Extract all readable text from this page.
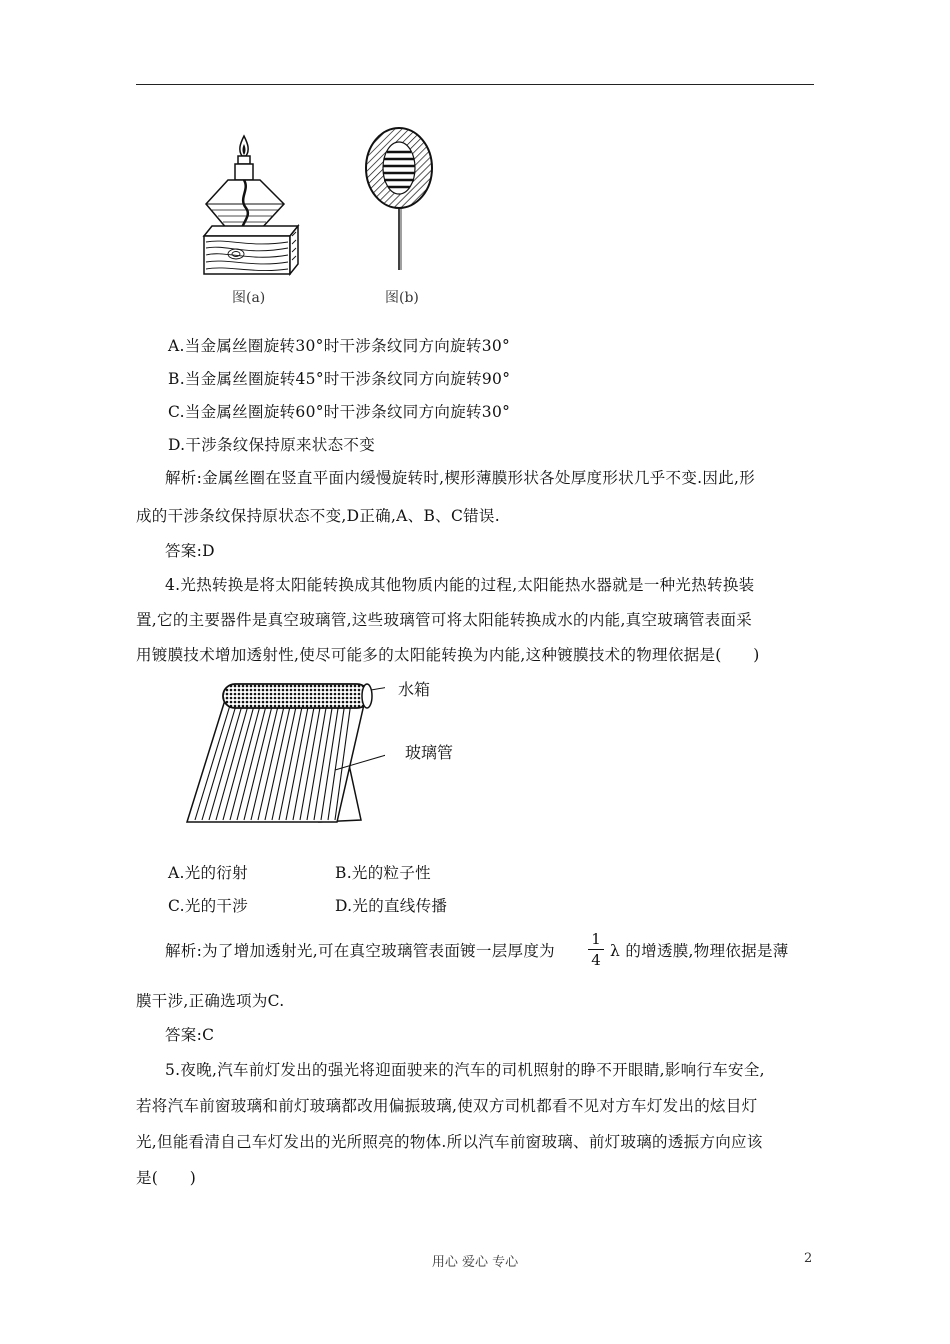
图(a)	图(b)
A.当金属丝圈旋转30°时干涉条纹同方向旋转30°
B.当金属丝圈旋转45°时干涉条纹同方向旋转90°
C.当金属丝圈旋转60°时干涉条纹同方向旋转30°
D.干涉条纹保持原来状态不变
解析:金属丝圈在竖直平面内缓慢旋转时,楔形薄膜形状各处厚度形状几乎不变.因此,形
成的干涉条纹保持原状态不变,D正确,A、B、C错误.
答案:D
4.光热转换是将太阳能转换成其他物质内能的过程,太阳能热水器就是一种光热转换装
置,它的主要器件是真空玻璃管,这些玻璃管可将太阳能转换成水的内能,真空玻璃管表面采
用镀膜技术增加透射性,使尽可能多的太阳能转换为内能,这种镀膜技术的物理依据是(　　)
水箱
玻璃管
A.光的衍射	B.光的粒子性
C.光的干涉	D.光的直线传播
解析:为了增加透射光,可在真空玻璃管表面镀一层厚度为
1
4 λ 的增透膜,物理依据是薄
膜干涉,正确选项为C.
答案:C
5.夜晚,汽车前灯发出的强光将迎面驶来的汽车的司机照射的睁不开眼睛,影响行车安全,
若将汽车前窗玻璃和前灯玻璃都改用偏振玻璃,使双方司机都看不见对方车灯发出的炫目灯
光,但能看清自己车灯发出的光所照亮的物体.所以汽车前窗玻璃、前灯玻璃的透振方向应该
是(　　)
用心 爱心 专心	2
